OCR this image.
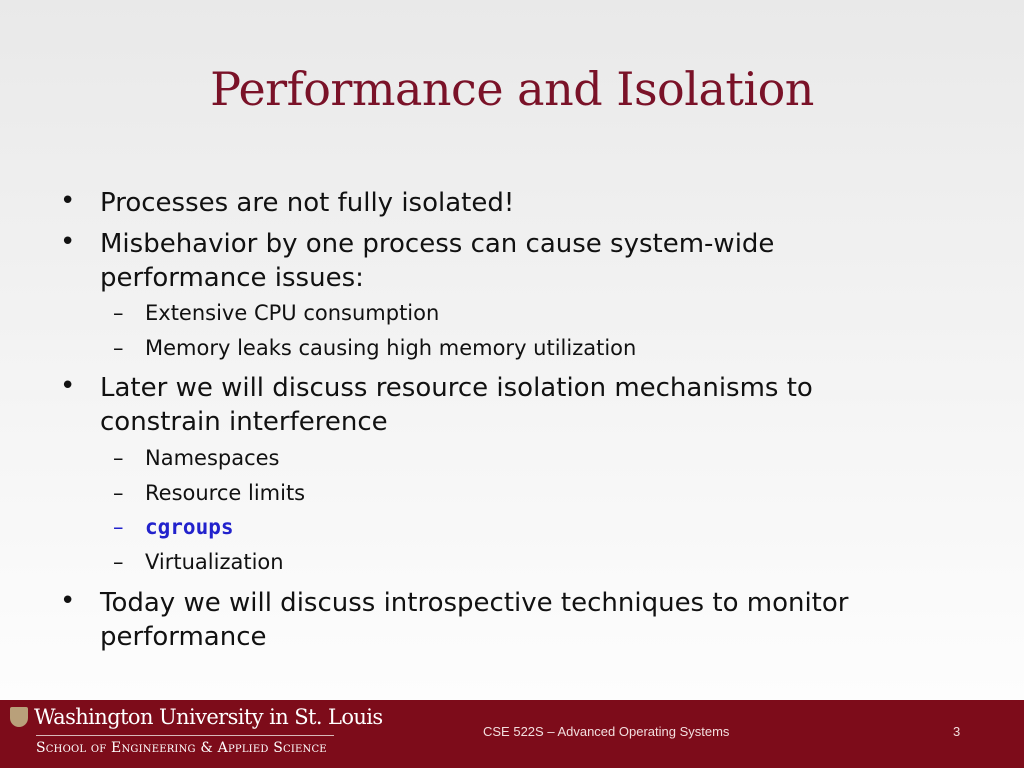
Performance and Isolation
• Processes are not fully isolated!
• Misbehavior by one process can cause system-wide
performance issues:
– Extensive CPU consumption
– Memory leaks causing high memory utilization
• Later we will discuss resource isolation mechanisms to
constrain interference
– Namespaces
– Resource limits
– cgroups
– Virtualization
• Today we will discuss introspective techniques to monitor
performance
Washington University in St. Louis
School of Engineering & Applied Science
CSE 522S – Advanced Operating Systems	3
